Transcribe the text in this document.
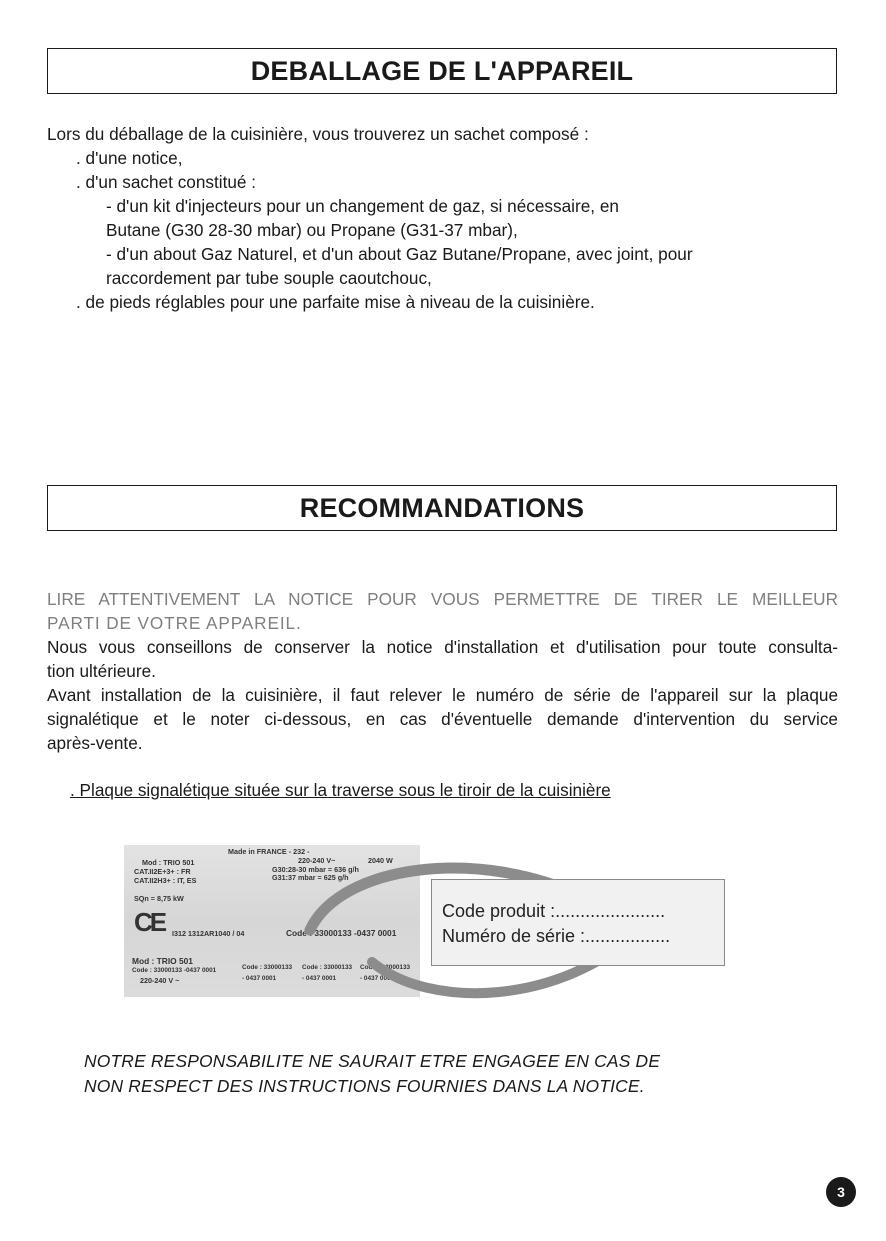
DEBALLAGE DE L'APPAREIL

Lors du déballage de la cuisinière, vous trouverez un sachet composé :

. d'une notice,

. d'un sachet constitué :

- d'un kit d'injecteurs pour un changement de gaz, si nécessaire, en

Butane (G30 28-30 mbar) ou Propane (G31-37 mbar),

- d'un about Gaz Naturel, et d'un about Gaz Butane/Propane, avec joint, pour

raccordement par tube souple caoutchouc,

. de pieds réglables pour une parfaite mise à niveau de la cuisinière.

RECOMMANDATIONS

LIRE ATTENTIVEMENT LA NOTICE POUR VOUS PERMETTRE DE TIRER LE MEILLEUR

PARTI DE VOTRE APPAREIL.

Nous vous conseillons de conserver la notice d'installation et d'utilisation pour toute consulta-

tion ultérieure.

Avant installation de la cuisinière, il faut relever le numéro de série de l'appareil sur la plaque

signalétique et le noter ci-dessous, en cas d'éventuelle demande d'intervention du service

après-vente.

. Plaque signalétique située sur la traverse sous le tiroir de la cuisinière

Made in FRANCE - 232 -
Mod : TRIO 501	220-240 V~	2040 W
CAT.II2E+3+ : FR	G30:28-30 mbar = 636 g/h
CAT.II2H3+ : IT, ES	G31:37 mbar = 625 g/h
SQn = 8,75 kW
CE I312 1312AR1040 / 04	Code : 33000133 -0437 0001
Mod : TRIO 501
Code : 33000133 -0437 0001
220-240 V ~
Code : 33000133
- 0437 0001
Code : 33000133
- 0437 0001
Code : 33000133
- 0437 0001
Code produit :......................
Numéro de série :.................
NOTRE RESPONSABILITE NE SAURAIT ETRE ENGAGEE EN CAS DE
NON RESPECT DES INSTRUCTIONS FOURNIES DANS LA NOTICE.
3
